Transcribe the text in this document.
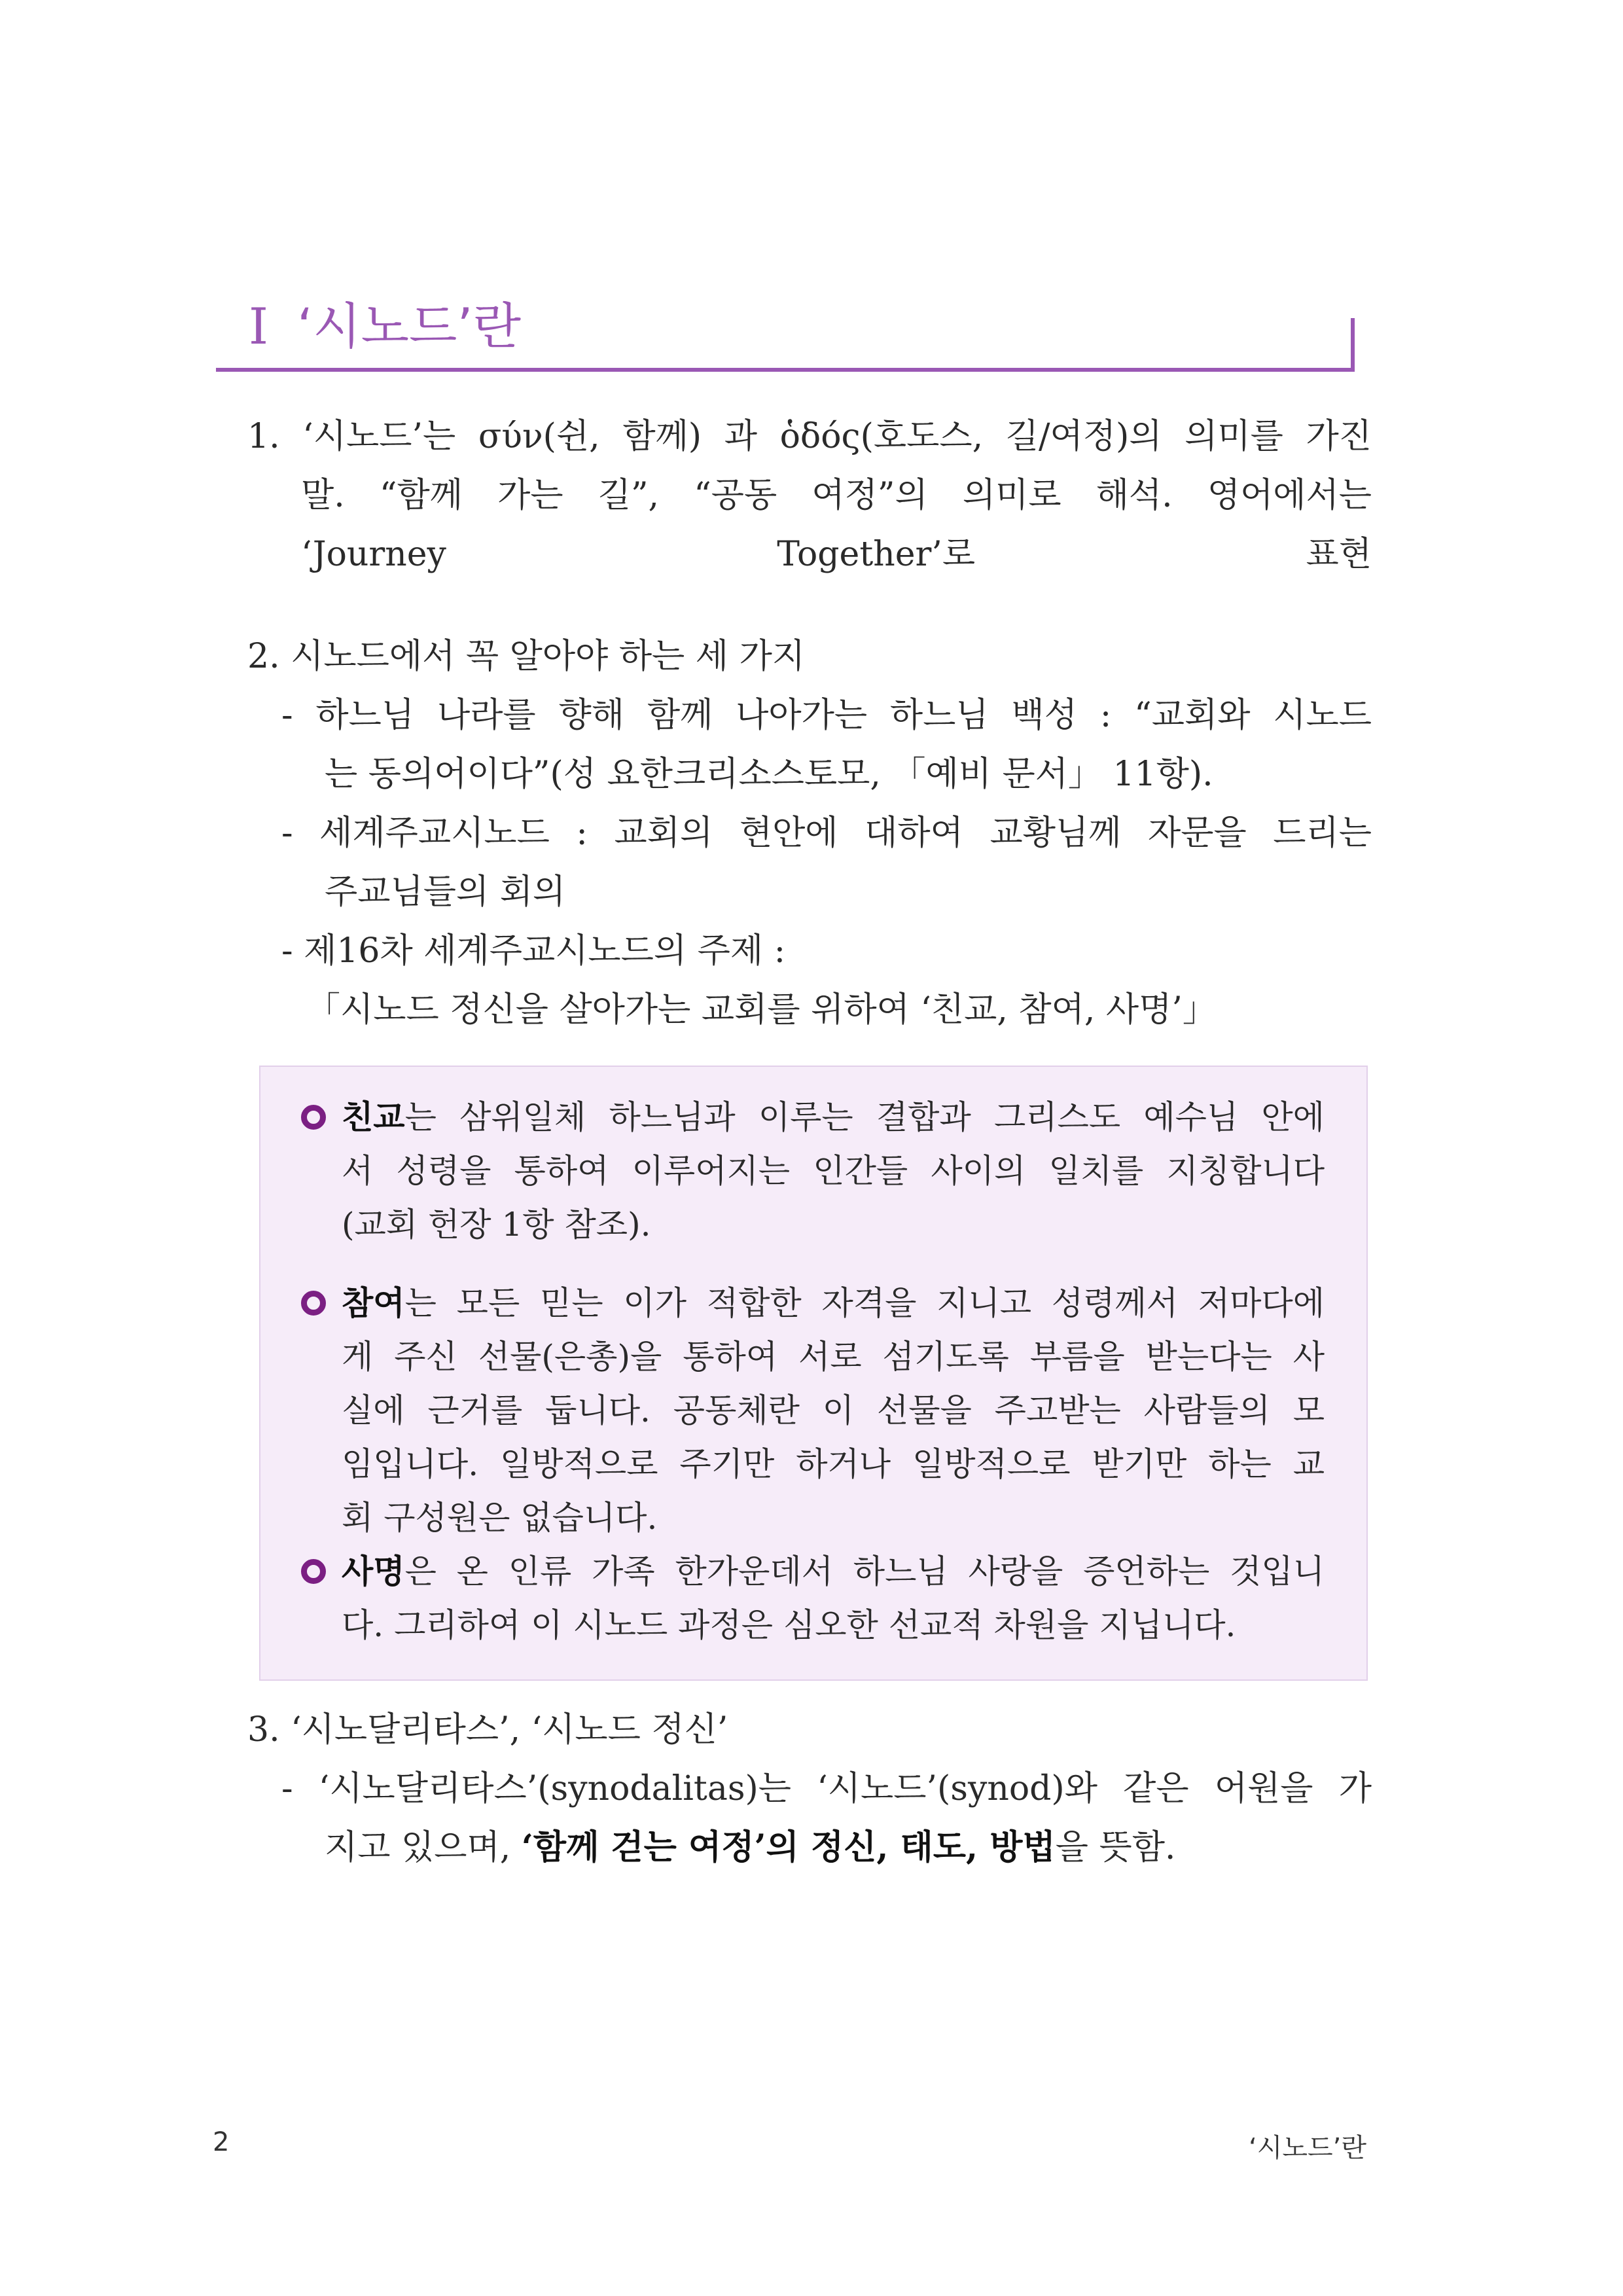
Ⅰ ‘시노드’란
1. ‘시노드’는 σύν(쉰, 함께) 과 ὁδός(호도스, 길/여정)의 의미를 가진
말. “함께 가는 길”, “공동 여정”의 의미로 해석. 영어에서는
‘Journey Together’로 표현
2. 시노드에서 꼭 알아야 하는 세 가지
- 하느님 나라를 향해 함께 나아가는 하느님 백성 : “교회와 시노드
는 동의어이다”(성 요한크리소스토모, 「예비 문서」 11항).
- 세계주교시노드 : 교회의 현안에 대하여 교황님께 자문을 드리는
주교님들의 회의
- 제16차 세계주교시노드의 주제 :
「시노드 정신을 살아가는 교회를 위하여 ‘친교, 참여, 사명’」
친교는 삼위일체 하느님과 이루는 결합과 그리스도 예수님 안에
서 성령을 통하여 이루어지는 인간들 사이의 일치를 지칭합니다
(교회 헌장 1항 참조).
참여는 모든 믿는 이가 적합한 자격을 지니고 성령께서 저마다에
게 주신 선물(은총)을 통하여 서로 섬기도록 부름을 받는다는 사
실에 근거를 둡니다. 공동체란 이 선물을 주고받는 사람들의 모
임입니다. 일방적으로 주기만 하거나 일방적으로 받기만 하는 교
회 구성원은 없습니다.
사명은 온 인류 가족 한가운데서 하느님 사랑을 증언하는 것입니
다. 그리하여 이 시노드 과정은 심오한 선교적 차원을 지닙니다.
3. ‘시노달리타스’, ‘시노드 정신’
- ‘시노달리타스’(synodalitas)는 ‘시노드’(synod)와 같은 어원을 가
지고 있으며, ‘함께 걷는 여정’의 정신, 태도, 방법을 뜻함.
2	‘시노드’란
